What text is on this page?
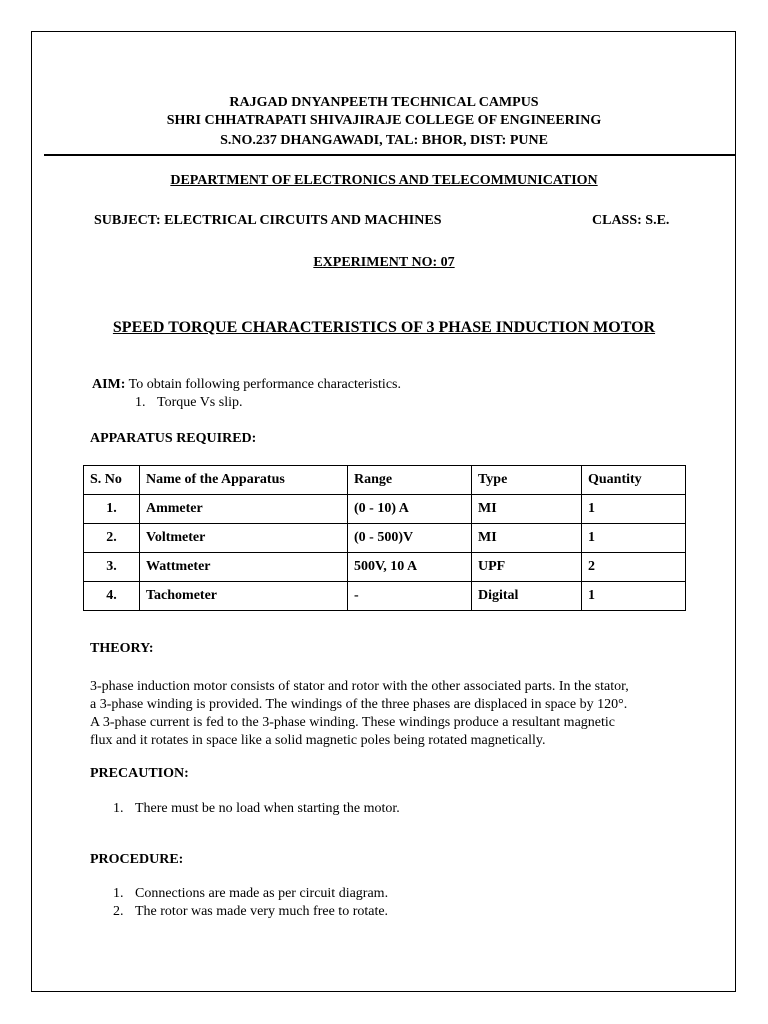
RAJGAD DNYANPEETH TECHNICAL CAMPUS
SHRI CHHATRAPATI SHIVAJIRAJE COLLEGE OF ENGINEERING
S.NO.237 DHANGAWADI, TAL: BHOR, DIST: PUNE
DEPARTMENT OF ELECTRONICS AND TELECOMMUNICATION
SUBJECT: ELECTRICAL CIRCUITS AND MACHINES	CLASS: S.E.
EXPERIMENT NO: 07
SPEED TORQUE CHARACTERISTICS OF 3 PHASE INDUCTION MOTOR
AIM: To obtain following performance characteristics.
1. Torque Vs slip.
APPARATUS REQUIRED:
S. No	Name of the Apparatus	Range	Type	Quantity
1.	Ammeter	(0 - 10) A	MI	1
2.	Voltmeter	(0 - 500)V	MI	1
3.	Wattmeter	500V, 10 A	UPF	2
4.	Tachometer	-	Digital	1
THEORY:

3-phase induction motor consists of stator and rotor with the other associated parts. In the stator,

a 3-phase winding is provided. The windings of the three phases are displaced in space by 120°.

A 3-phase current is fed to the 3-phase winding. These windings produce a resultant magnetic

flux and it rotates in space like a solid magnetic poles being rotated magnetically.

PRECAUTION:
1. There must be no load when starting the motor.
PROCEDURE:
1. Connections are made as per circuit diagram.
2. The rotor was made very much free to rotate.
